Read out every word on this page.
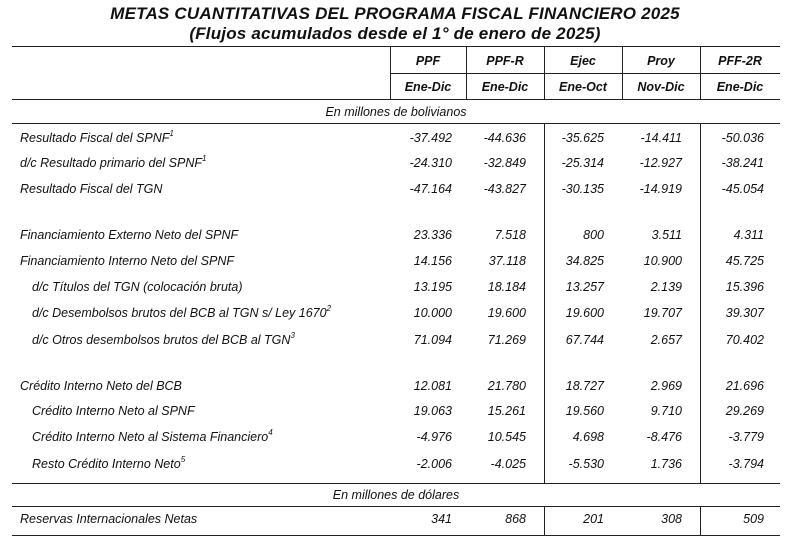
METAS CUANTITATIVAS DEL PROGRAMA FISCAL FINANCIERO 2025
(Flujos acumulados desde el 1° de enero de 2025)
PPF	PPF-R	Ejec	Proy	PFF-2R
Ene-Dic	Ene-Dic	Ene-Oct	Nov-Dic	Ene-Dic
En millones de bolivianos
En millones de dólares
Resultado Fiscal del SPNF$^1$	-37.492	-44.636	-35.625	-14.411	-50.036
d/c Resultado primario del SPNF$^1$	-24.310	-32.849	-25.314	-12.927	-38.241
Resultado Fiscal del TGN	-47.164	-43.827	-30.135	-14.919	-45.054
Financiamiento Externo Neto del SPNF	23.336	7.518	800	3.511	4.311
Financiamiento Interno Neto del SPNF	14.156	37.118	34.825	10.900	45.725
d/c Títulos del TGN (colocación bruta)	13.195	18.184	13.257	2.139	15.396
d/c Desembolsos brutos del BCB al TGN s/ Ley 1670$^2$	10.000	19.600	19.600	19.707	39.307
d/c Otros desembolsos brutos del BCB al TGN$^3$	71.094	71.269	67.744	2.657	70.402
Crédito Interno Neto del BCB	12.081	21.780	18.727	2.969	21.696
Crédito Interno Neto al SPNF	19.063	15.261	19.560	9.710	29.269
Crédito Interno Neto al Sistema Financiero$^4$	-4.976	10.545	4.698	-8.476	-3.779
Resto Crédito Interno Neto$^5$	-2.006	-4.025	-5.530	1.736	-3.794
Reservas Internacionales Netas	341	868	201	308	509
